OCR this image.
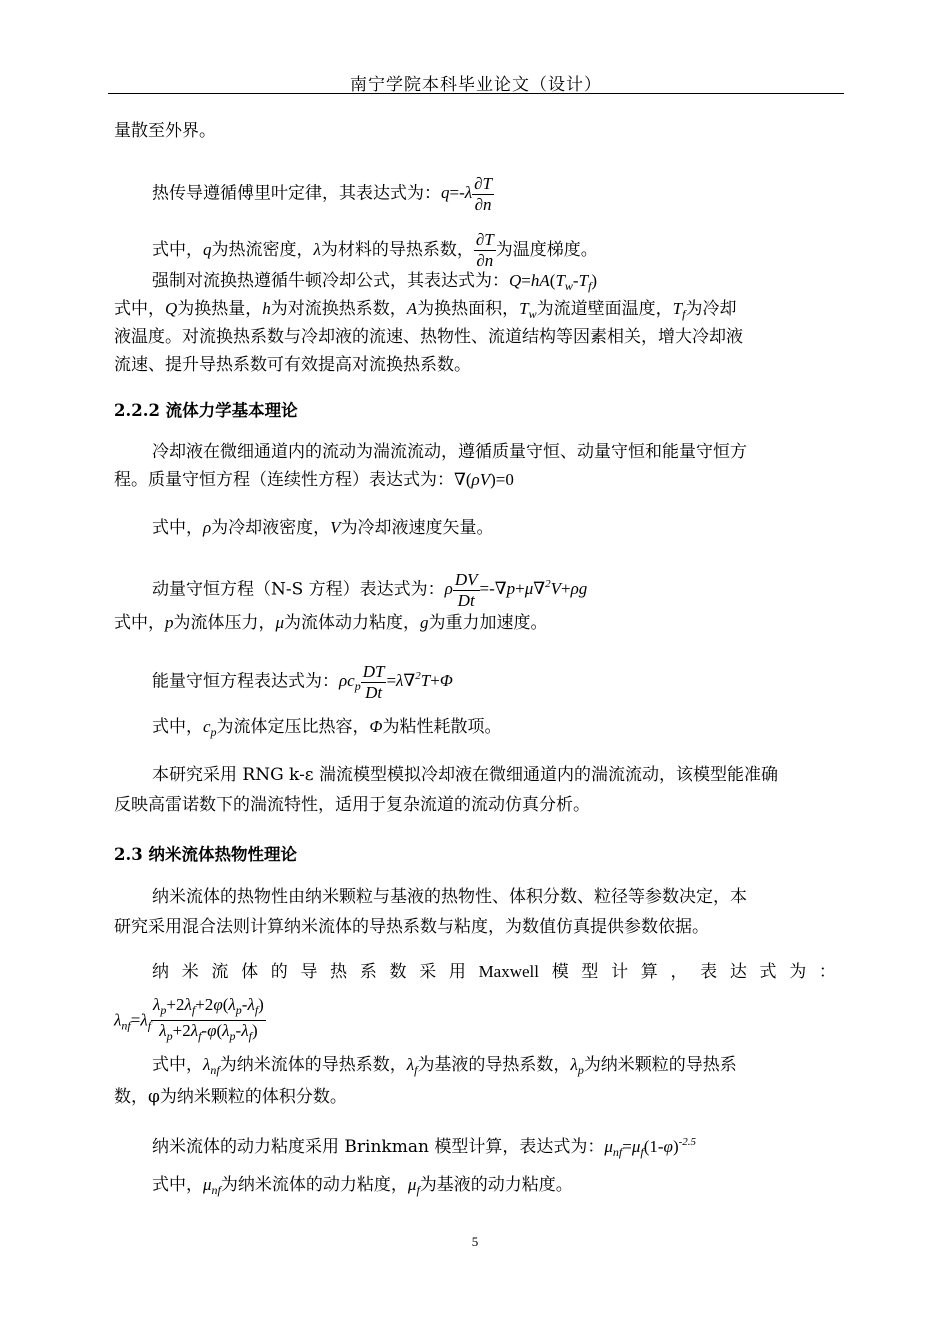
南宁学院本科毕业论文（设计）
量散至外界。
热传导遵循傅里叶定律，其表达式为：$q=-\lambda \frac{\partial T}{\partial n}$
式中，q为热流密度，λ为材料的导热系数， $\frac{\partial T}{\partial n}$ 为温度梯度。
强制对流换热遵循牛顿冷却公式，其表达式为：$Q=hA(T_w-T_f)$
式中，Q为换热量，h为对流换热系数，A为换热面积，$T_w$为流道壁面温度，$T_f$为冷却
液温度。对流换热系数与冷却液的流速、热物性、流道结构等因素相关，增大冷却液
流速、提升导热系数可有效提高对流换热系数。
2.2.2 流体力学基本理论
冷却液在微细通道内的流动为湍流流动，遵循质量守恒、动量守恒和能量守恒方
程。质量守恒方程（连续性方程）表达式为：∇(ρV)=0
式中，ρ为冷却液密度，V为冷却液速度矢量。
动量守恒方程（N-S 方程）表达式为：ρ $\frac{DV}{Dt} =-\nabla p+\mu\nabla^2V+\rho g$
式中，p为流体压力，μ为流体动力粘度，g为重力加速度。
能量守恒方程表达式为：$\rho c_p \frac{DT}{Dt} =\lambda\nabla^2T+\Phi$
式中，$c_p$为流体定压比热容，Φ为粘性耗散项。
本研究采用 RNG k-ε 湍流模型模拟冷却液在微细通道内的湍流流动，该模型能准确
反映高雷诺数下的湍流特性，适用于复杂流道的流动仿真分析。
2.3 纳米流体热物性理论
纳米流体的热物性由纳米颗粒与基液的热物性、体积分数、粒径等参数决定，本
研究采用混合法则计算纳米流体的导热系数与粘度，为数值仿真提供参数依据。
纳 米 流 体 的 导 热 系 数 采 用 Maxwell 模 型 计 算 ， 表 达 式 为 ：
$\lambda_{nf}=\lambda_f \frac{\lambda_p+2\lambda_f+2\varphi(\lambda_p-\lambda_f)}{\lambda_p+2\lambda_f-\varphi(\lambda_p-\lambda_f)}$
式中，$\lambda_{nf}$为纳米流体的导热系数，$\lambda_f$为基液的导热系数，$\lambda_p$为纳米颗粒的导热系
数，φ为纳米颗粒的体积分数。
纳米流体的动力粘度采用 Brinkman 模型计算，表达式为：$\mu_{nf}=\mu_f(1-\varphi)^{-2.5}$
式中，$\mu_{nf}$为纳米流体的动力粘度，$\mu_f$为基液的动力粘度。
5
